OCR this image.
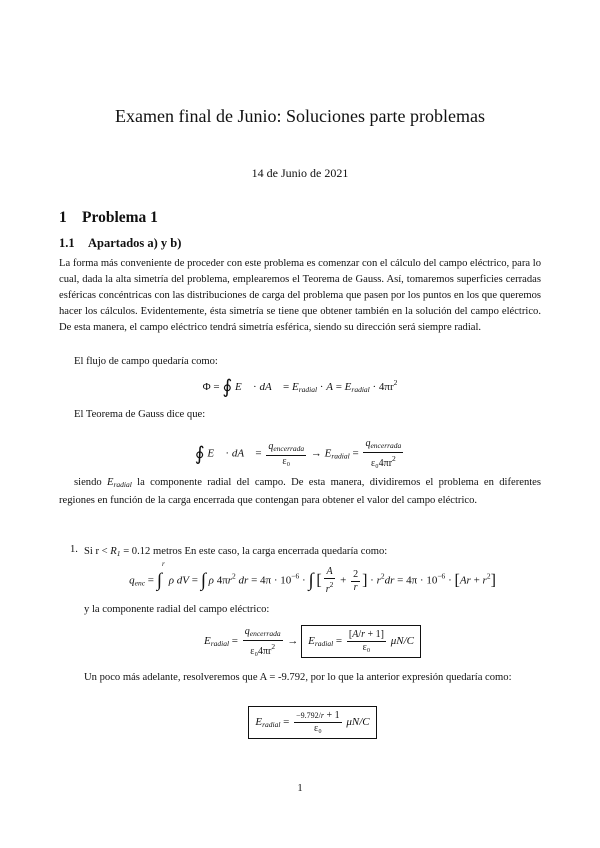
Examen final de Junio: Soluciones parte problemas
14 de Junio de 2021
1 Problema 1
1.1 Apartados a) y b)
La forma más conveniente de proceder con este problema es comenzar con el cálculo del campo eléctrico, para lo cual, dada la alta simetría del problema, emplearemos el Teorema de Gauss. Así, tomaremos superficies cerradas esféricas concéntricas con las distribuciones de carga del problema que pasen por los puntos en los que queremos hacer los cálculos. Evidentemente, ésta simetría se tiene que obtener también en la solución del campo eléctrico. De esta manera, el campo eléctrico tendrá simetría esférica, siendo su dirección será siempre radial.
El flujo de campo quedaría como:
Φ = ∮ E⃗ · dA⃗ = $E_{radial} \cdot A = E_{radial} \cdot 4\pi r^2$
El Teorema de Gauss dice que:
∮ E⃗ · dA⃗ = $\frac{q_{encerrada}}{\text{ε₀}} \to E_{radial} = \frac{q_{encerrada}}{\varepsilon_04\pi r^2}$
siendo $E_{radial}$ la componente radial del campo. De esta manera, dividiremos el problema en diferentes regiones en función de la carga encerrada que contengan para obtener el valor del campo eléctrico.
1. Si $r < R_1 = 0.12$ metros En este caso, la carga encerrada quedaría como:
$q_{enc}$ = ∫
r
ρ dV = ∫ ρ $4\pi r^2$ dr = $4\pi \cdot 10^{-6}$ · ∫ [ $\frac{A}{r^2} + \frac{2}{r}$ ] · $r^2dr = 4\pi \cdot 10^{-6} \cdot [Ar + r^2]$
y la componente radial del campo eléctrico:
$E_{radial} = \frac{q_{encerrada}}{\varepsilon_04\pi r^2} \to E_{radial} = \frac{[A/r + 1]}{\text{ε₀}} \mu N/C$
Un poco más adelante, resolveremos que A = -9.792, por lo que la anterior expresión quedaría como:
$E_{radial} = \frac{-9.792/r + 1}{\text{ε₀}} \mu N/C$
1
